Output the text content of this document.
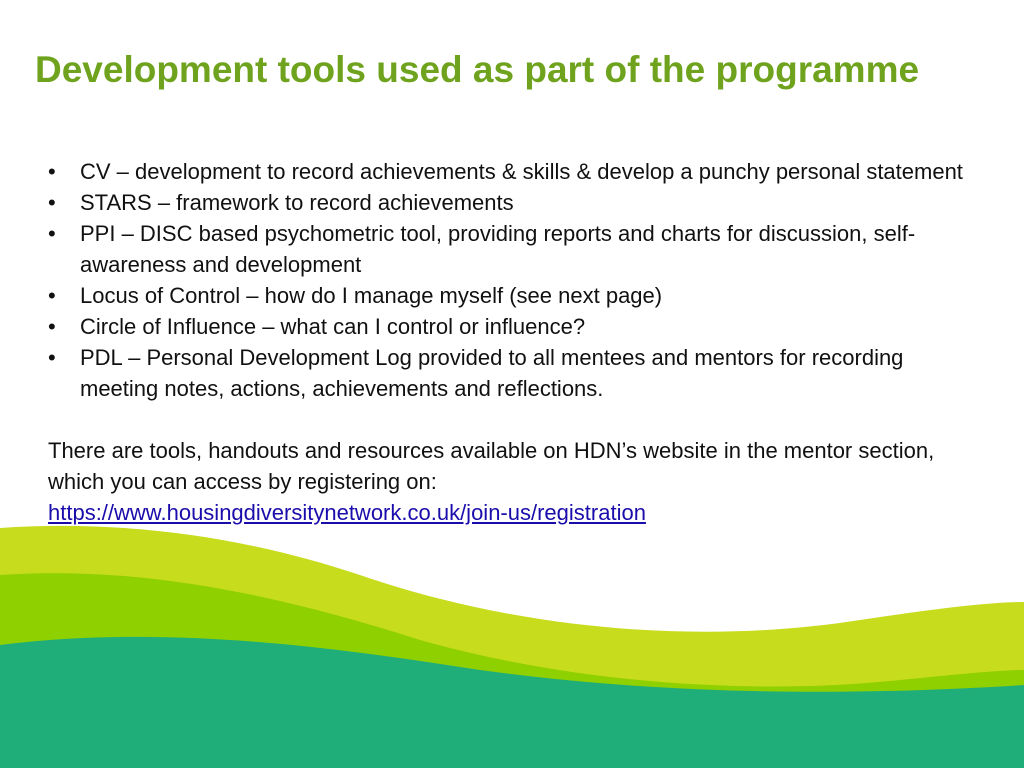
Development tools used as part of the programme
• CV – development to record achievements & skills & develop a punchy personal statement
• STARS – framework to record achievements
• PPI – DISC based psychometric tool, providing reports and charts for discussion, self-awareness and development
• Locus of Control – how do I manage myself (see next page)
• Circle of Influence – what can I control or influence?
• PDL – Personal Development Log provided to all mentees and mentors for recording meeting notes, actions, achievements and reflections.

There are tools, handouts and resources available on HDN’s website in the mentor section, which you can access by registering on:
https://www.housingdiversitynetwork.co.uk/join-us/registration
